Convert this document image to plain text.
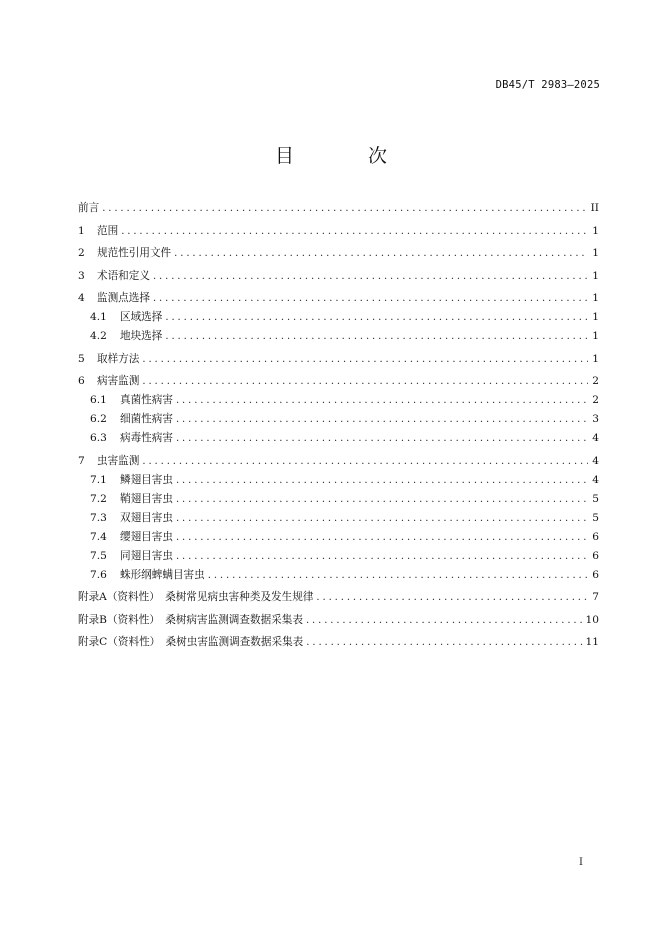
DB45/T 2983—2025
目 次
前言 .....	II
1	范围 .....	1
2	规范性引用文件 .....	1
3	术语和定义 .....	1
4	监测点选择 .....	1
4.1	区域选择 .....	1
4.2	地块选择 .....	1
5	取样方法 .....	1
6	病害监测 .....	2
6.1	真菌性病害 .....	2
6.2	细菌性病害 .....	3
6.3	病毒性病害 .....	4
7	虫害监测 .....	4
7.1	鳞翅目害虫 .....	4
7.2	鞘翅目害虫 .....	5
7.3	双翅目害虫 .....	5
7.4	缨翅目害虫 .....	6
7.5	同翅目害虫 .....	6
7.6	蛛形纲蜱螨目害虫 .....	6
附录A（资料性）　桑树常见病虫害种类及发生规律 .....	7
附录B（资料性）　桑树病害监测调查数据采集表 .....	10
附录C（资料性）　桑树虫害监测调查数据采集表 .....	11
I
